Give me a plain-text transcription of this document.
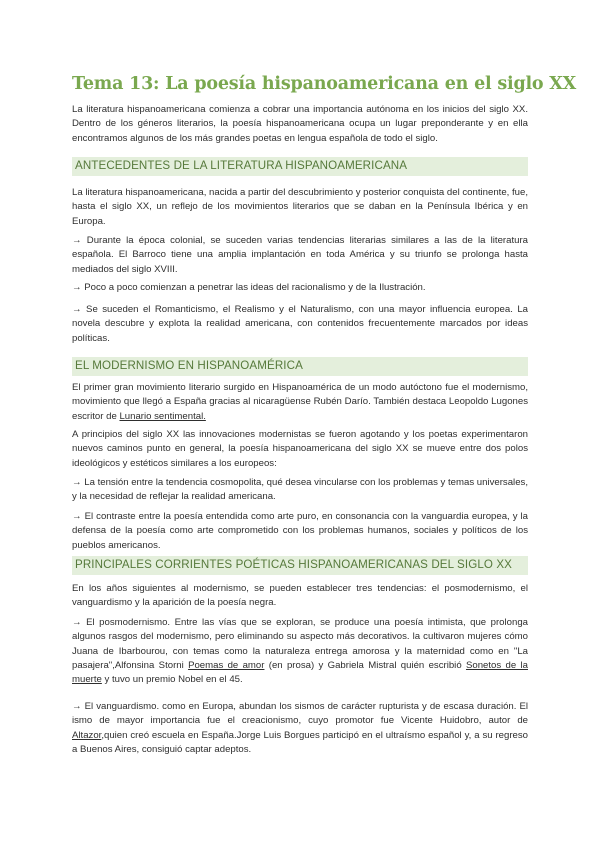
Tema 13: La poesía hispanoamericana en el siglo XX

La literatura hispanoamericana comienza a cobrar una importancia autónoma en los inicios del siglo XX. Dentro de los géneros literarios, la poesía hispanoamericana ocupa un lugar preponderante y en ella encontramos algunos de los más grandes poetas en lengua española de todo el siglo.

ANTECEDENTES DE LA LITERATURA HISPANOAMERICANA

La literatura hispanoamericana, nacida a partir del descubrimiento y posterior conquista del continente, fue, hasta el siglo XX, un reflejo de los movimientos literarios que se daban en la Península Ibérica y en Europa.

→ Durante la época colonial, se suceden varias tendencias literarias similares a las de la literatura española. El Barroco tiene una amplia implantación en toda América y su triunfo se prolonga hasta mediados del siglo XVIII.

→ Poco a poco comienzan a penetrar las ideas del racionalismo y de la Ilustración.

→ Se suceden el Romanticismo, el Realismo y el Naturalismo, con una mayor influencia europea. La novela descubre y explota la realidad americana, con contenidos frecuentemente marcados por ideas políticas.

EL MODERNISMO EN HISPANOAMÉRICA

El primer gran movimiento literario surgido en Hispanoamérica de un modo autóctono fue el modernismo, movimiento que llegó a España gracias al nicaragüense Rubén Darío. También destaca Leopoldo Lugones escritor de Lunario sentimental.

A principios del siglo XX las innovaciones modernistas se fueron agotando y los poetas experimentaron nuevos caminos punto en general, la poesía hispanoamericana del siglo XX se mueve entre dos polos ideológicos y estéticos similares a los europeos:

→ La tensión entre la tendencia cosmopolita, qué desea vincularse con los problemas y temas universales, y la necesidad de reflejar la realidad americana.

→ El contraste entre la poesía entendida como arte puro, en consonancia con la vanguardia europea, y la defensa de la poesía como arte comprometido con los problemas humanos, sociales y políticos de los pueblos americanos.

PRINCIPALES CORRIENTES POÉTICAS HISPANOAMERICANAS DEL SIGLO XX

En los años siguientes al modernismo, se pueden establecer tres tendencias: el posmodernismo, el vanguardismo y la aparición de la poesía negra.

→ El posmodernismo. Entre las vías que se exploran, se produce una poesía intimista, que prolonga algunos rasgos del modernismo, pero eliminando su aspecto más decorativos. la cultivaron mujeres cómo Juana de Ibarbourou, con temas como la naturaleza entrega amorosa y la maternidad como en "La pasajera",Alfonsina Storni Poemas de amor (en prosa) y Gabriela Mistral quién escribió Sonetos de la muerte y tuvo un premio Nobel en el 45.

→ El vanguardismo. como en Europa, abundan los sismos de carácter rupturista y de escasa duración. El ismo de mayor importancia fue el creacionismo, cuyo promotor fue Vicente Huidobro, autor de Altazor,quien creó escuela en España.Jorge Luis Borgues participó en el ultraísmo español y, a su regreso a Buenos Aires, consiguió captar adeptos.
